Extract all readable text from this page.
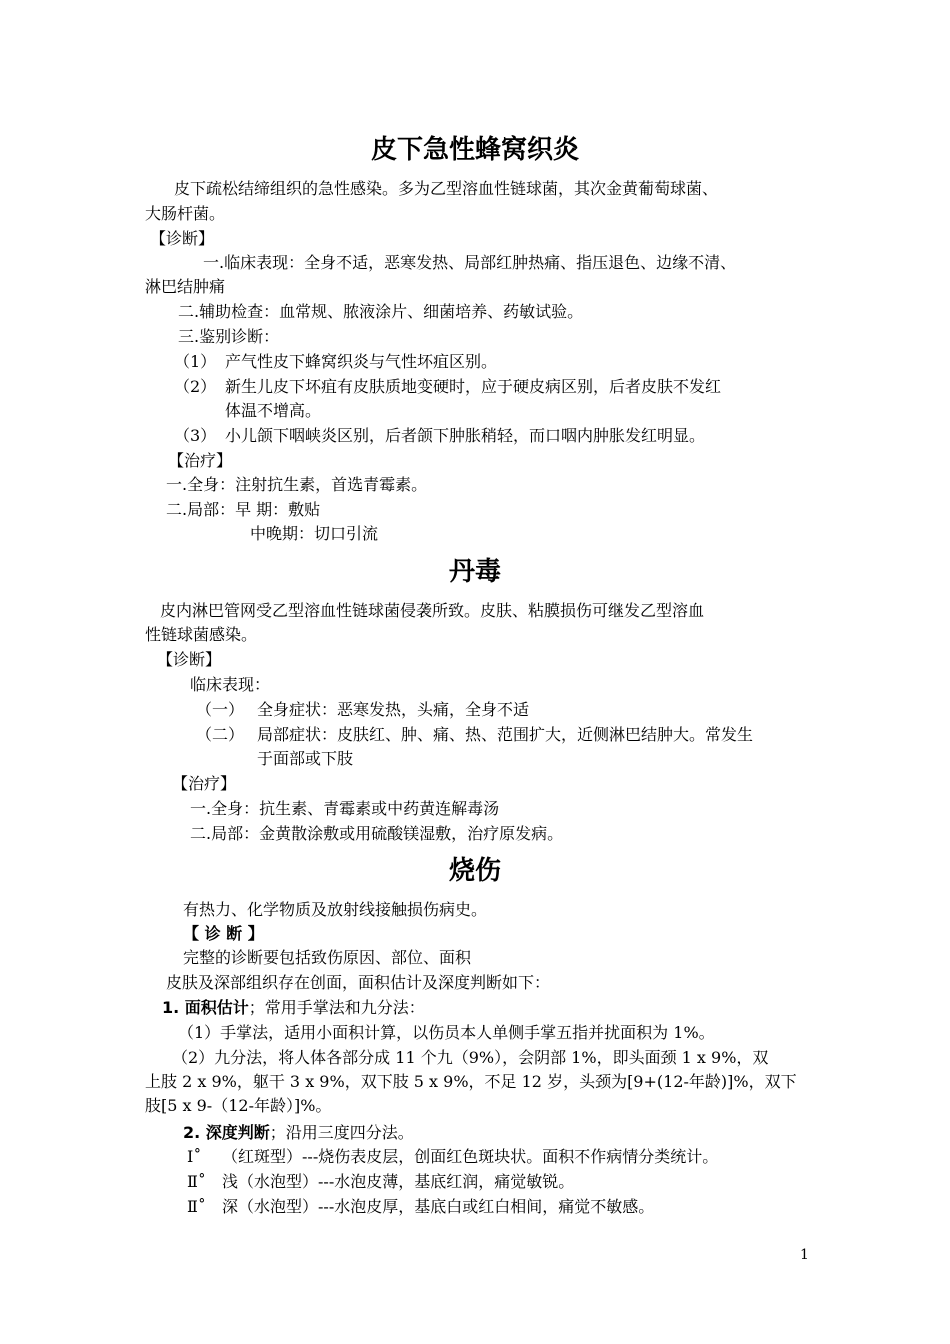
皮下急性蜂窝织炎
皮下疏松结缔组织的急性感染。多为乙型溶血性链球菌，其次金黄葡萄球菌、
大肠杆菌。
【诊断】
一.临床表现：全身不适，恶寒发热、局部红肿热痛、指压退色、边缘不清、
淋巴结肿痛
二.辅助检查：血常规、脓液涂片、细菌培养、药敏试验。
三.鉴别诊断：
（1） 产气性皮下蜂窝织炎与气性坏疽区别。
（2） 新生儿皮下坏疽有皮肤质地变硬时，应于硬皮病区别，后者皮肤不发红
体温不增高。
（3） 小儿颌下咽峡炎区别，后者颌下肿胀稍轻，而口咽内肿胀发红明显。
【治疗】
一.全身：注射抗生素，首选青霉素。
二.局部：早 期：敷贴
中晚期：切口引流
丹毒
皮内淋巴管网受乙型溶血性链球菌侵袭所致。皮肤、粘膜损伤可继发乙型溶血
性链球菌感染。
【诊断】
临床表现：
（一） 全身症状：恶寒发热，头痛，全身不适
（二） 局部症状：皮肤红、肿、痛、热、范围扩大，近侧淋巴结肿大。常发生
于面部或下肢
【治疗】
一.全身：抗生素、青霉素或中药黄连解毒汤
二.局部：金黄散涂敷或用硫酸镁湿敷，治疗原发病。
烧伤
有热力、化学物质及放射线接触损伤病史。
【 诊 断 】
完整的诊断要包括致伤原因、部位、面积
皮肤及深部组织存在创面，面积估计及深度判断如下：
1. 面积估计；常用手掌法和九分法：
（1）手掌法，适用小面积计算，以伤员本人单侧手掌五指并扰面积为 1%。
（2）九分法，将人体各部分成 11 个九（9%），会阴部 1%，即头面颈 1 x 9%，双
上肢 2 x 9%，躯干 3 x 9%，双下肢 5 x 9%，不足 12 岁，头颈为[9+(12-年龄)]%，双下
肢[5 x 9-（12-年龄）]%。
2. 深度判断；沿用三度四分法。
Ⅰ˚ （红斑型）---烧伤表皮层，创面红色斑块状。面积不作病情分类统计。
Ⅱ˚ 浅（水泡型）---水泡皮薄，基底红润，痛觉敏锐。
Ⅱ˚ 深（水泡型）---水泡皮厚，基底白或红白相间，痛觉不敏感。
1
